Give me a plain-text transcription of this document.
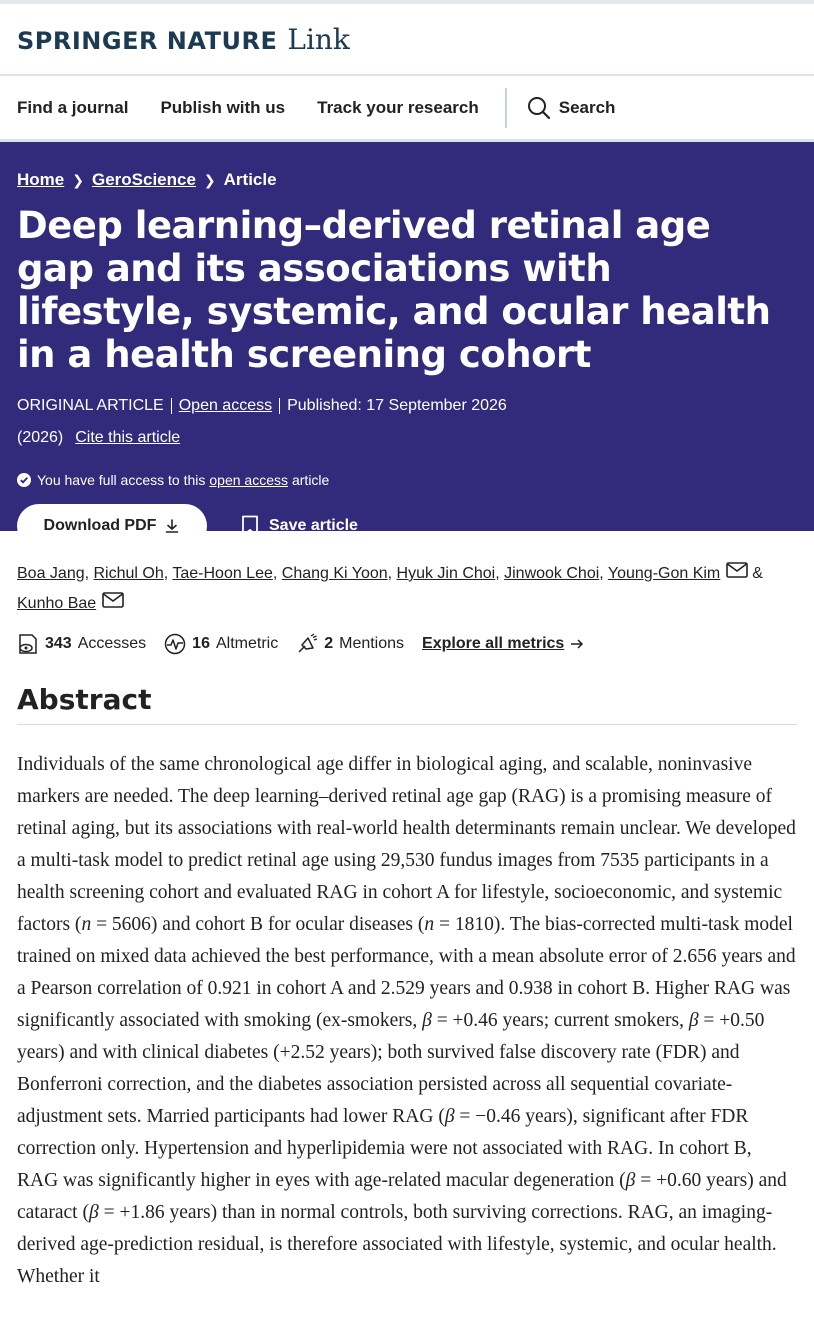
SPRINGER NATURE Link
Find a journal Publish with us Track your research	Search
Home ❯ GeroScience ❯ Article
Deep learning–derived retinal age gap and its associations with lifestyle, systemic, and ocular health in a health screening cohort
ORIGINAL ARTICLE Open access Published: 17 September 2026
(2026) Cite this article
You have full access to this open access article
Download PDF	Save article
Boa Jang, Richul Oh, Tae-Hoon Lee, Chang Ki Yoon, Hyuk Jin Choi, Jinwook Choi, Young-Gon Kim &
Kunho Bae
343 Accesses	16 Altmetric	2 Mentions Explore all metrics
Abstract

Individuals of the same chronological age differ in biological aging, and scalable, noninvasive markers are needed. The deep learning–derived retinal age gap (RAG) is a promising measure of retinal aging, but its associations with real-world health determinants remain unclear. We developed a multi-task model to predict retinal age using 29,530 fundus images from 7535 participants in a health screening cohort and evaluated RAG in cohort A for lifestyle, socioeconomic, and systemic factors (n = 5606) and cohort B for ocular diseases (n = 1810). The bias-corrected multi-task model trained on mixed data achieved the best performance, with a mean absolute error of 2.656 years and a Pearson correlation of 0.921 in cohort A and 2.529 years and 0.938 in cohort B. Higher RAG was significantly associated with smoking (ex-smokers, β = +0.46 years; current smokers, β = +0.50 years) and with clinical diabetes (+2.52 years); both survived false discovery rate (FDR) and Bonferroni correction, and the diabetes association persisted across all sequential covariate-adjustment sets. Married participants had lower RAG (β = −0.46 years), significant after FDR correction only. Hypertension and hyperlipidemia were not associated with RAG. In cohort B, RAG was significantly higher in eyes with age-related macular degeneration (β = +0.60 years) and cataract (β = +1.86 years) than in normal controls, both surviving corrections. RAG, an imaging-derived age-prediction residual, is therefore associated with lifestyle, systemic, and ocular health. Whether it
